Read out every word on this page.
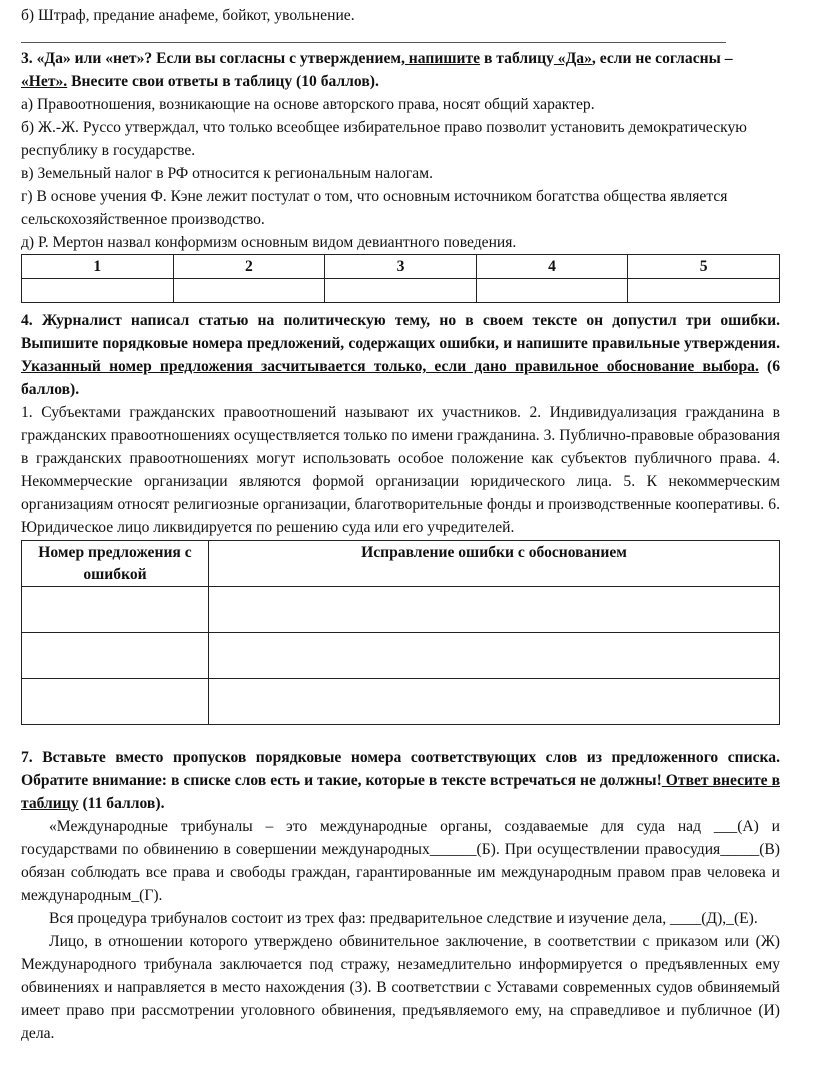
б) Штраф, предание анафеме, бойкот, увольнение.

3. «Да» или «нет»? Если вы согласны с утверждением, напишите в таблицу «Да», если не согласны – «Нет». Внесите свои ответы в таблицу (10 баллов).

а) Правоотношения, возникающие на основе авторского права, носят общий характер.

б) Ж.-Ж. Руссо утверждал, что только всеобщее избирательное право позволит установить демократическую республику в государстве.

в) Земельный налог в РФ относится к региональным налогам.

г) В основе учения Ф. Кэне лежит постулат о том, что основным источником богатства общества является сельскохозяйственное производство.

д) Р. Мертон назвал конформизм основным видом девиантного поведения.

1	2	3	4	5

4. Журналист написал статью на политическую тему, но в своем тексте он допустил три ошибки. Выпишите порядковые номера предложений, содержащих ошибки, и напишите правильные утверждения. Указанный номер предложения засчитывается только, если дано правильное обоснование выбора. (6 баллов).

1. Субъектами гражданских правоотношений называют их участников. 2. Индивидуализация гражданина в гражданских правоотношениях осуществляется только по имени гражданина. 3. Публично-правовые образования в гражданских правоотношениях могут использовать особое положение как субъектов публичного права. 4. Некоммерческие организации являются формой организации юридического лица. 5. К некоммерческим организациям относят религиозные организации, благотворительные фонды и производственные кооперативы. 6. Юридическое лицо ликвидируется по решению суда или его учредителей.

Номер предложения с ошибкой	Исправление ошибки с обоснованием

7. Вставьте вместо пропусков порядковые номера соответствующих слов из предложенного списка. Обратите внимание: в списке слов есть и такие, которые в тексте встречаться не должны! Ответ внесите в таблицу (11 баллов).

«Международные трибуналы – это международные органы, создаваемые для суда над ___(А) и государствами по обвинению в совершении международных______(Б). При осуществлении правосудия_____(В) обязан соблюдать все права и свободы граждан, гарантированные им международным правом прав человека и международным_(Г).

Вся процедура трибуналов состоит из трех фаз: предварительное следствие и изучение дела, ____(Д),_(Е).

Лицо, в отношении которого утверждено обвинительное заключение, в соответствии с приказом или (Ж) Международного трибунала заключается под стражу, незамедлительно информируется о предъявленных ему обвинениях и направляется в место нахождения (З). В соответствии с Уставами современных судов обвиняемый имеет право при рассмотрении уголовного обвинения, предъявляемого ему, на справедливое и публичное (И) дела.
